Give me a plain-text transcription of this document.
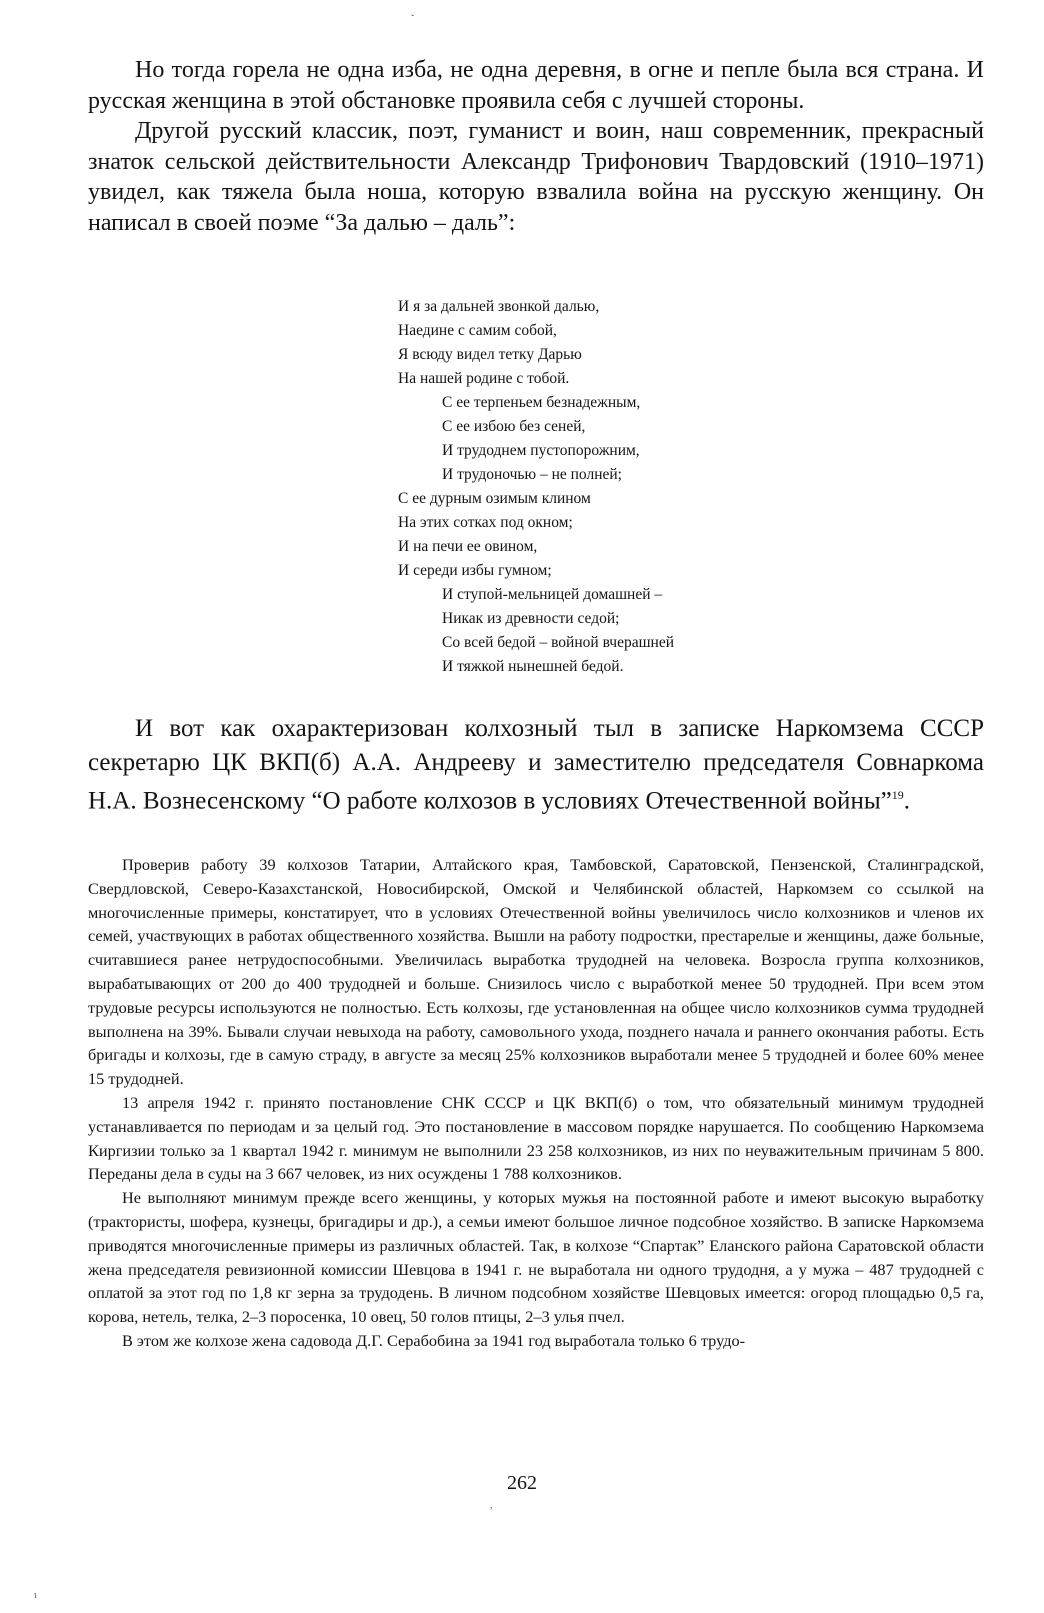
ˇ
,
ɩ

Но тогда горела не одна изба, не одна деревня, в огне и пепле была вся страна. И русская женщина в этой обстановке проявила себя с лучшей стороны.

Другой русский классик, поэт, гуманист и воин, наш современник, прекрасный знаток сельской действительности Александр Трифонович Твардовский (1910–1971) увидел, как тяжела была ноша, которую взвалила война на русскую женщину. Он написал в своей поэме “За далью – даль”:

И я за дальней звонкой далью,
Наедине с самим собой,
Я всюду видел тетку Дарью
На нашей родине с тобой.
С ее терпеньем безнадежным,
С ее избою без сеней,
И трудоднем пустопорожним,
И трудоночью – не полней;
С ее дурным озимым клином
На этих сотках под окном;
И на печи ее овином,
И середи избы гумном;
И ступой-мельницей домашней –
Никак из древности седой;
Со всей бедой – войной вчерашней
И тяжкой нынешней бедой.

И вот как охарактеризован колхозный тыл в записке Наркомзема СССР секретарю ЦК ВКП(б) А.А. Андрееву и заместителю председателя Совнаркома Н.А. Вознесенскому “О работе колхозов в условиях Отечественной войны”$^{19}$.

Проверив работу 39 колхозов Татарии, Алтайского края, Тамбовской, Саратовской, Пензенской, Сталинградской, Свердловской, Северо-Казахстанской, Новосибирской, Омской и Челябинской областей, Наркомзем со ссылкой на многочисленные примеры, констатирует, что в условиях Отечественной войны увеличилось число колхозников и членов их семей, участвующих в работах общественного хозяйства. Вышли на работу подростки, престарелые и женщины, даже больные, считавшиеся ранее нетрудоспособными. Увеличилась выработка трудодней на человека. Возросла группа колхозников, вырабатывающих от 200 до 400 трудодней и больше. Снизилось число с выработкой менее 50 трудодней. При всем этом трудовые ресурсы используются не полностью. Есть колхозы, где установленная на общее число колхозников сумма трудодней выполнена на 39%. Бывали случаи невыхода на работу, самовольного ухода, позднего начала и раннего окончания работы. Есть бригады и колхозы, где в самую страду, в августе за месяц 25% колхозников выработали менее 5 трудодней и более 60% менее 15 трудодней.

13 апреля 1942 г. принято постановление СНК СССР и ЦК ВКП(б) о том, что обязательный минимум трудодней устанавливается по периодам и за целый год. Это постановление в массовом порядке нарушается. По сообщению Наркомзема Киргизии только за 1 квартал 1942 г. минимум не выполнили 23 258 колхозников, из них по неуважительным причинам 5 800. Переданы дела в суды на 3 667 человек, из них осуждены 1 788 колхозников.

Не выполняют минимум прежде всего женщины, у которых мужья на постоянной работе и имеют высокую выработку (трактористы, шофера, кузнецы, бригадиры и др.), а семьи имеют большое личное подсобное хозяйство. В записке Наркомзема приводятся многочисленные примеры из различных областей. Так, в колхозе “Спартак” Еланского района Саратовской области жена председателя ревизионной комиссии Шевцова в 1941 г. не выработала ни одного трудодня, а у мужа – 487 трудодней с оплатой за этот год по 1,8 кг зерна за трудодень. В личном подсобном хозяйстве Шевцовых имеется: огород площадью 0,5 га, корова, нетель, телка, 2–3 поросенка, 10 овец, 50 голов птицы, 2–3 улья пчел.

В этом же колхозе жена садовода Д.Г. Серабобина за 1941 год выработала только 6 трудо-

262
